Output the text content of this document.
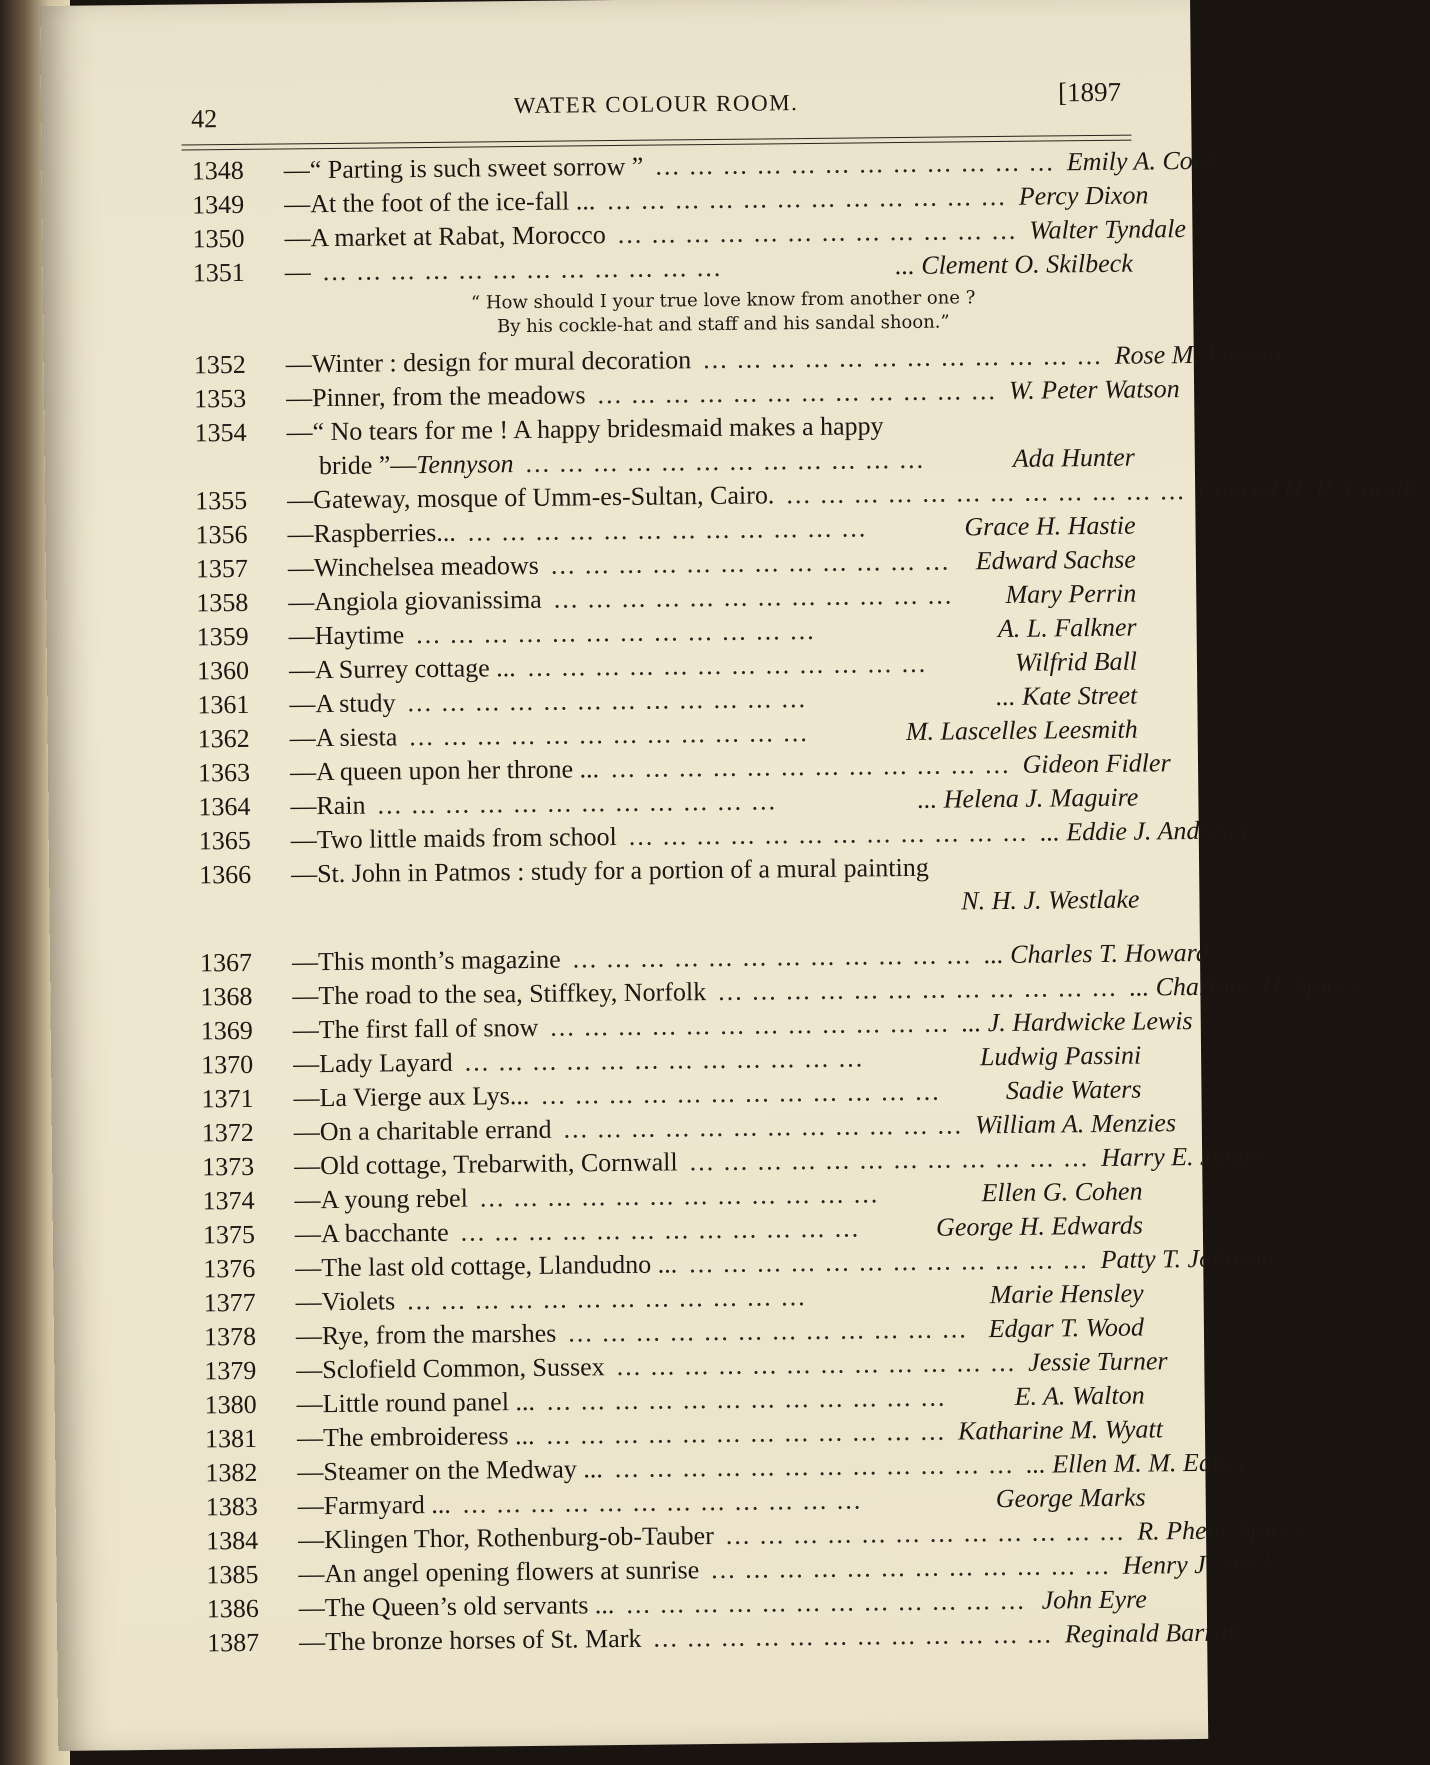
42
WATER COLOUR ROOM.	[1897
1348	— “ Parting is such sweet sorrow ” ... ... ... ... ... ... ... ... ... ... ... ... Emily A. Cook
1349	— At the foot of the ice-fall ... ... ... ... ... ... ... ... ... ... ... ... ... Percy Dixon
1350	— A market at Rabat, Morocco ... ... ... ... ... ... ... ... ... ... ... ... Walter Tyndale
1351	— ... ... ... ... ... ... ... ... ... ... ... ...	... Clement O. Skilbeck
“ How should I your true love know from another one ?
By his cockle-hat and staff and his sandal shoon.”
1352	— Winter : design for mural decoration ... ... ... ... ... ... ... ... ... ... ... ... Rose M. Livesay
1353	— Pinner, from the meadows ... ... ... ... ... ... ... ... ... ... ... ... W. Peter Watson
1354	— “ No tears for me ! A happy bridesmaid makes a happy
bride ”— Tennyson ... ... ... ... ... ... ... ... ... ... ... ...	Ada Hunter
1355	— Gateway, mosque of Umm-es-Sultan, Cairo. ... ... ... ... ... ... ... ... ... ... ... ... Conrad H. R. Carelli
1356	— Raspberries... ... ... ... ... ... ... ... ... ... ... ... ...	Grace H. Hastie
1357	— Winchelsea meadows ... ... ... ... ... ... ... ... ... ... ... ... Edward Sachse
1358	— Angiola giovanissima ... ... ... ... ... ... ... ... ... ... ... ...	Mary Perrin
1359	— Haytime ... ... ... ... ... ... ... ... ... ... ... ...	A. L. Falkner
1360	— A Surrey cottage ... ... ... ... ... ... ... ... ... ... ... ... ...	Wilfrid Ball
1361	— A study ... ... ... ... ... ... ... ... ... ... ... ...	... Kate Street
1362	— A siesta ... ... ... ... ... ... ... ... ... ... ... ...	M. Lascelles Leesmith
1363	— A queen upon her throne ... ... ... ... ... ... ... ... ... ... ... ... ... Gideon Fidler
1364	— Rain ... ... ... ... ... ... ... ... ... ... ... ...	... Helena J. Maguire
1365	— Two little maids from school ... ... ... ... ... ... ... ... ... ... ... ... ... Eddie J. Andrews
1366	— St. John in Patmos : study for a portion of a mural painting
N. H. J. Westlake
1367	— This month’s magazine ... ... ... ... ... ... ... ... ... ... ... ... ... Charles T. Howard
1368	— The road to the sea, Stiffkey, Norfolk ... ... ... ... ... ... ... ... ... ... ... ... ... Charlotte H. Spiers
1369	— The first fall of snow ... ... ... ... ... ... ... ... ... ... ... ... ... J. Hardwicke Lewis
1370	— Lady Layard ... ... ... ... ... ... ... ... ... ... ... ...	Ludwig Passini
1371	— La Vierge aux Lys... ... ... ... ... ... ... ... ... ... ... ... ...	Sadie Waters
1372	— On a charitable errand ... ... ... ... ... ... ... ... ... ... ... ... William A. Menzies
1373	— Old cottage, Trebarwith, Cornwall ... ... ... ... ... ... ... ... ... ... ... ... Harry E. James
1374	— A young rebel ... ... ... ... ... ... ... ... ... ... ... ...	Ellen G. Cohen
1375	— A bacchante ... ... ... ... ... ... ... ... ... ... ... ...	George H. Edwards
1376	— The last old cottage, Llandudno ... ... ... ... ... ... ... ... ... ... ... ... ... Patty T. Johnson
1377	— Violets ... ... ... ... ... ... ... ... ... ... ... ...	Marie Hensley
1378	— Rye, from the marshes ... ... ... ... ... ... ... ... ... ... ... ... Edgar T. Wood
1379	— Sclofield Common, Sussex ... ... ... ... ... ... ... ... ... ... ... ... Jessie Turner
1380	— Little round panel ... ... ... ... ... ... ... ... ... ... ... ... ...	E. A. Walton
1381	— The embroideress ... ... ... ... ... ... ... ... ... ... ... ... ... Katharine M. Wyatt
1382	— Steamer on the Medway ... ... ... ... ... ... ... ... ... ... ... ... ... ... Ellen M. M. Eaton
1383	— Farmyard ... ... ... ... ... ... ... ... ... ... ... ... ...	George Marks
1384	— Klingen Thor, Rothenburg-ob-Tauber ... ... ... ... ... ... ... ... ... ... ... ... R. Phené Spiers
1385	— An angel opening flowers at sunrise ... ... ... ... ... ... ... ... ... ... ... ... Henry J. Stock
1386	— The Queen’s old servants ... ... ... ... ... ... ... ... ... ... ... ... ... John Eyre
1387	— The bronze horses of St. Mark ... ... ... ... ... ... ... ... ... ... ... ... Reginald Barratt
